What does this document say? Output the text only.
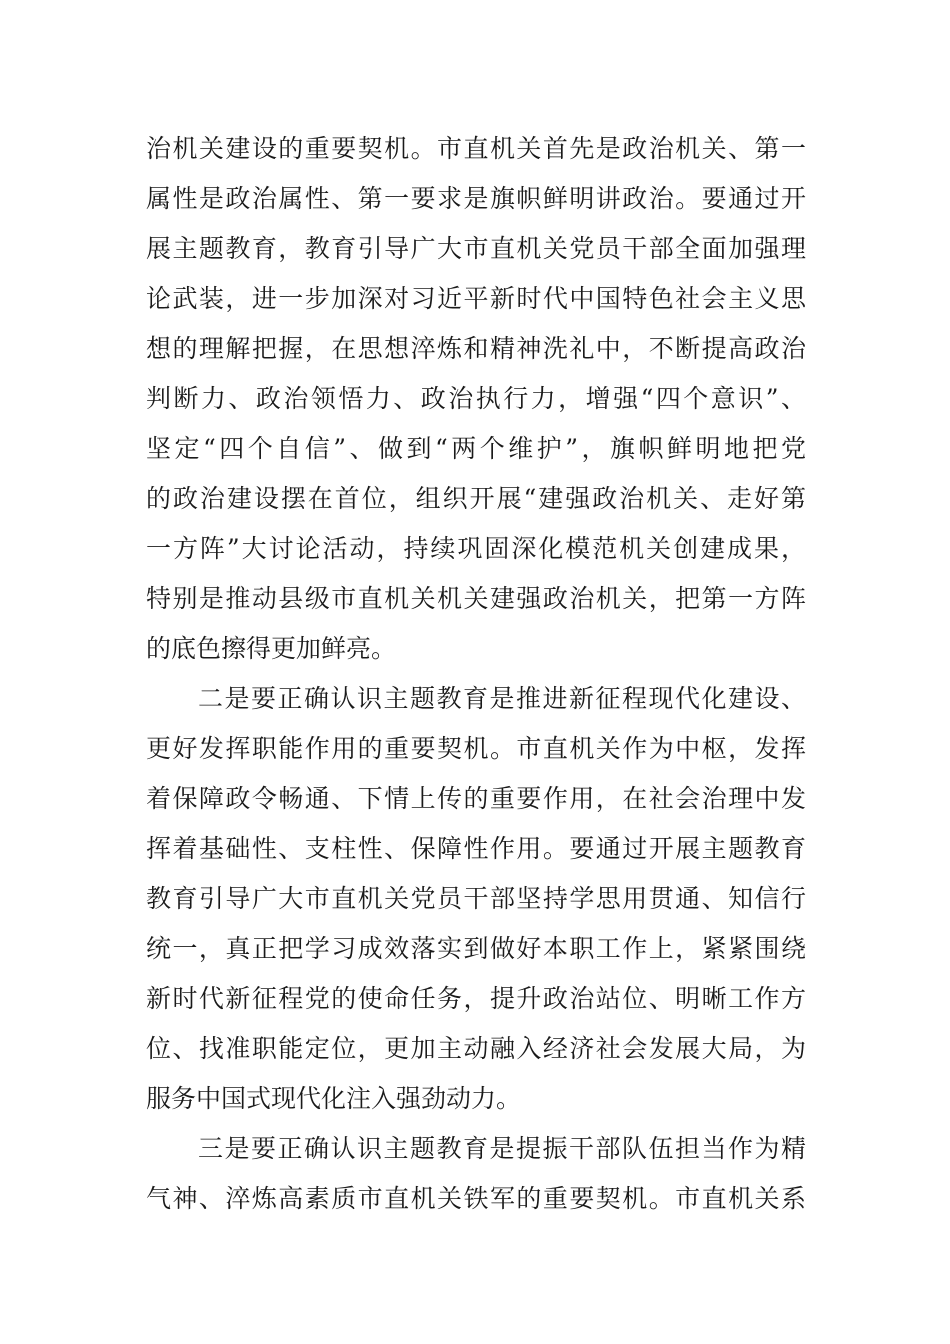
治机关建设的重要契机。市直机关首先是政治机关、第一
属性是政治属性、第一要求是旗帜鲜明讲政治。要通过开
展主题教育，教育引导广大市直机关党员干部全面加强理
论武装，进一步加深对习近平新时代中国特色社会主义思
想的理解把握，在思想淬炼和精神洗礼中，不断提高政治
判断力、政治领悟力、政治执行力，增强“四个意识”、
坚定“四个自信”、做到“两个维护”，旗帜鲜明地把党
的政治建设摆在首位，组织开展“建强政治机关、走好第
一方阵”大讨论活动，持续巩固深化模范机关创建成果，
特别是推动县级市直机关机关建强政治机关，把第一方阵
的底色擦得更加鲜亮。
二是要正确认识主题教育是推进新征程现代化建设、
更好发挥职能作用的重要契机。市直机关作为中枢，发挥
着保障政令畅通、下情上传的重要作用，在社会治理中发
挥着基础性、支柱性、保障性作用。要通过开展主题教育
教育引导广大市直机关党员干部坚持学思用贯通、知信行
统一，真正把学习成效落实到做好本职工作上，紧紧围绕
新时代新征程党的使命任务，提升政治站位、明晰工作方
位、找准职能定位，更加主动融入经济社会发展大局，为
服务中国式现代化注入强劲动力。
三是要正确认识主题教育是提振干部队伍担当作为精
气神、淬炼高素质市直机关铁军的重要契机。市直机关系
